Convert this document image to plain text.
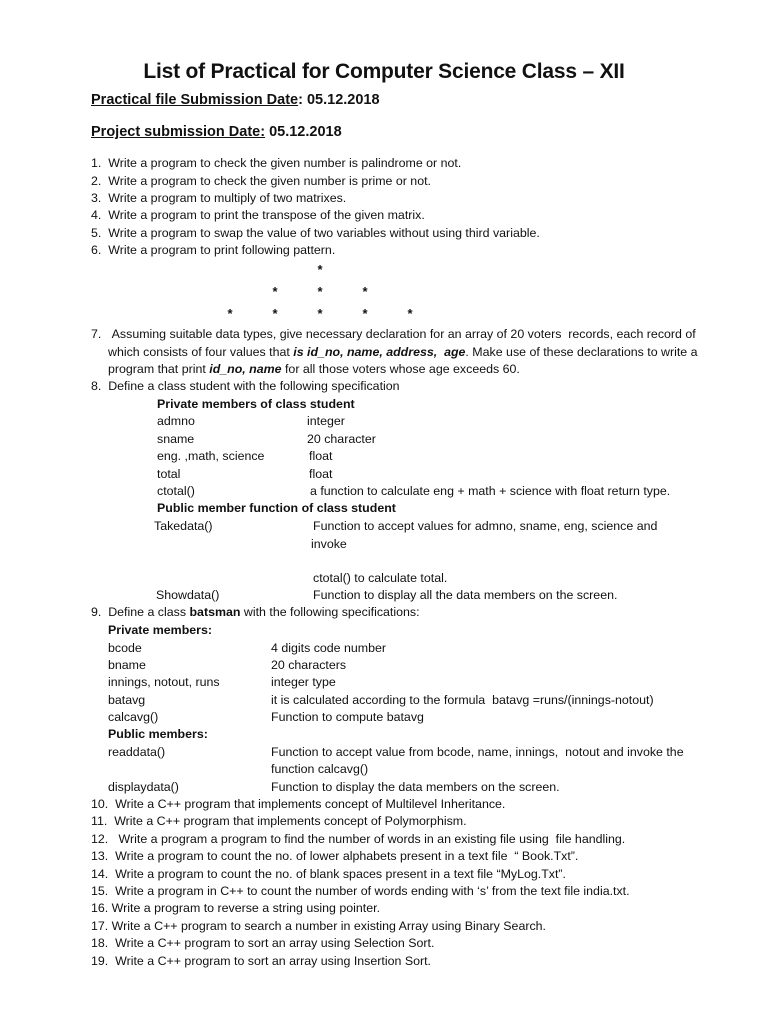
List of Practical for Computer Science Class – XII
Practical file Submission Date: 05.12.2018
Project submission Date: 05.12.2018
1.  Write a program to check the given number is palindrome or not.
2.  Write a program to check the given number is prime or not.
3.  Write a program to multiply of two matrixes.
4.  Write a program to print the transpose of the given matrix.
5.  Write a program to swap the value of two variables without using third variable.
6.  Write a program to print following pattern.
*
*	*	*
*	*	*	*	*
7.   Assuming suitable data types, give necessary declaration for an array of 20 voters  records, each record of
which consists of four values that is id_no, name, address,  age. Make use of these declarations to write a
program that print id_no, name for all those voters whose age exceeds 60.
8.  Define a class student with the following specification
Private members of class student
admno	integer
sname	20 character
eng. ,math, science	float
total	float
ctotal()	a function to calculate eng + math + science with float return type.
Public member function of class student
Takedata()	Function to accept values for admno, sname, eng, science and
invoke
ctotal() to calculate total.
Showdata()	Function to display all the data members on the screen.
9.  Define a class batsman with the following specifications:
Private members:
bcode	4 digits code number
bname	20 characters
innings, notout, runs	integer type
batavg	it is calculated according to the formula  batavg =runs/(innings-notout)
calcavg()	Function to compute batavg
Public members:
readdata()	Function to accept value from bcode, name, innings,  notout and invoke the
function calcavg()
displaydata()	Function to display the data members on the screen.
10.  Write a C++ program that implements concept of Multilevel Inheritance.
11.  Write a C++ program that implements concept of Polymorphism.
12.   Write a program a program to find the number of words in an existing file using  file handling.
13.  Write a program to count the no. of lower alphabets present in a text file  “ Book.Txt”.
14.  Write a program to count the no. of blank spaces present in a text file “MyLog.Txt”.
15.  Write a program in C++ to count the number of words ending with ‘s’ from the text file india.txt.
16. Write a program to reverse a string using pointer.
17. Write a C++ program to search a number in existing Array using Binary Search.
18.  Write a C++ program to sort an array using Selection Sort.
19.  Write a C++ program to sort an array using Insertion Sort.
